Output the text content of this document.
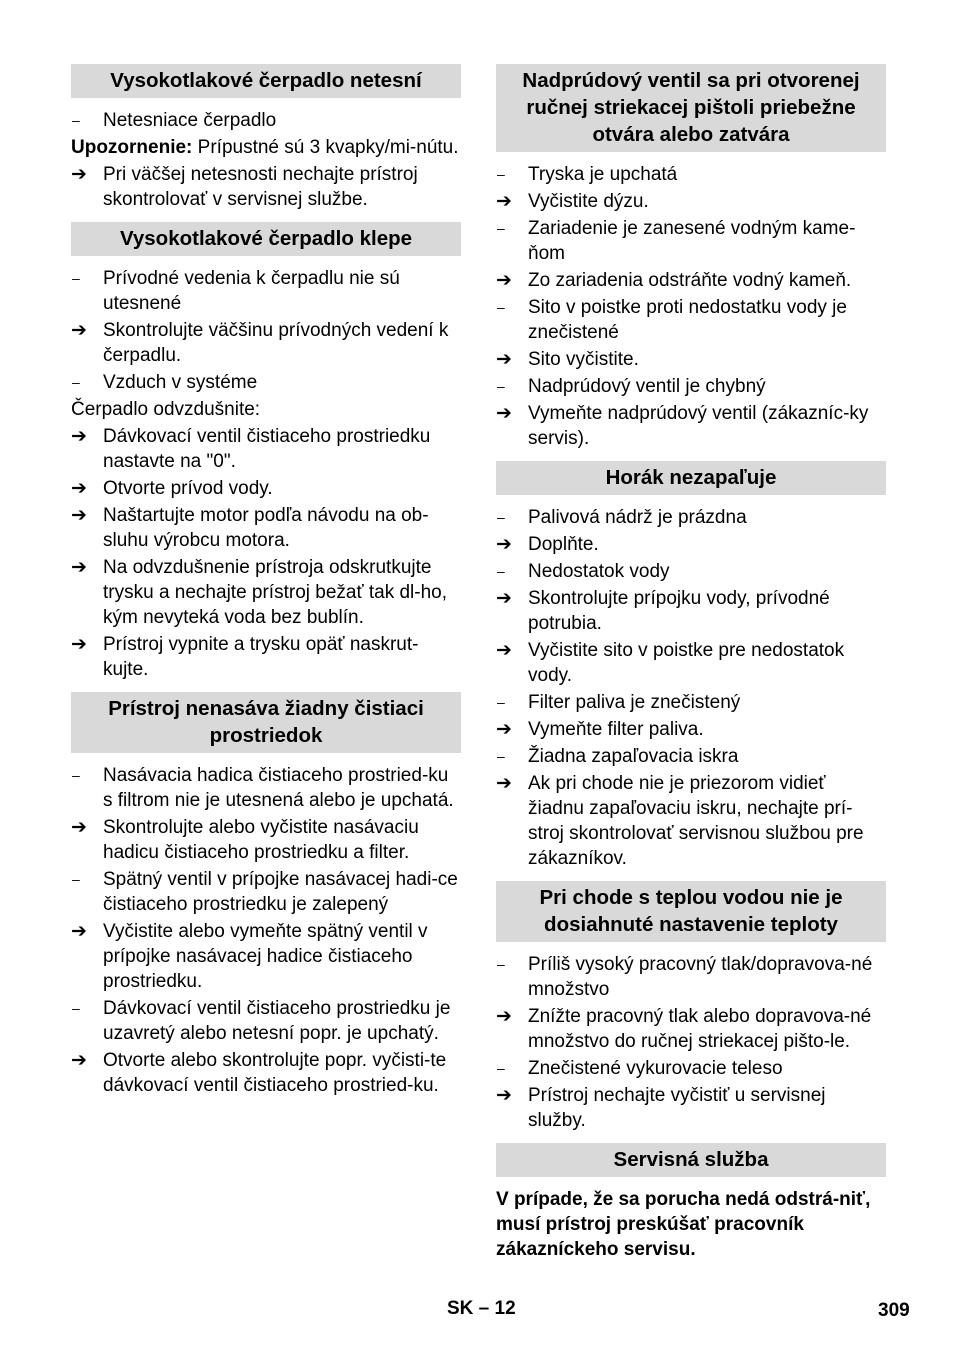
Vysokotlakové čerpadlo netesní
–	Netesniace čerpadlo
Upozornenie: Prípustné sú 3 kvapky/mi-nútu.
➔ Pri väčšej netesnosti nechajte prístroj skontrolovať v servisnej službe.
Vysokotlakové čerpadlo klepe
–	Prívodné vedenia k čerpadlu nie sú utesnené
➔ Skontrolujte väčšinu prívodných vedení k čerpadlu.
–	Vzduch v systéme
Čerpadlo odvzdušnite:
➔ Dávkovací ventil čistiaceho prostriedku nastavte na "0".
➔ Otvorte prívod vody.
➔ Naštartujte motor podľa návodu na ob-sluhu výrobcu motora.
➔ Na odvzdušnenie prístroja odskrutkujte trysku a nechajte prístroj bežať tak dl-ho, kým nevyteká voda bez bublín.
➔ Prístroj vypnite a trysku opäť naskrut-kujte.
Prístroj nenasáva žiadny čistiaci prostriedok
–	Nasávacia hadica čistiaceho prostried-ku s filtrom nie je utesnená alebo je upchatá.
➔ Skontrolujte alebo vyčistite nasávaciu hadicu čistiaceho prostriedku a filter.
–	Spätný ventil v prípojke nasávacej hadi-ce čistiaceho prostriedku je zalepený
➔ Vyčistite alebo vymeňte spätný ventil v prípojke nasávacej hadice čistiaceho prostriedku.
–	Dávkovací ventil čistiaceho prostriedku je uzavretý alebo netesní popr. je upchatý.
➔ Otvorte alebo skontrolujte popr. vyčisti-te dávkovací ventil čistiaceho prostried-ku.
Nadprúdový ventil sa pri otvorenej ručnej striekacej pištoli priebežne otvára alebo zatvára
–	Tryska je upchatá
➔ Vyčistite dýzu.
–	Zariadenie je zanesené vodným kame-ňom
➔ Zo zariadenia odstráňte vodný kameň.
–	Sito v poistke proti nedostatku vody je znečistené
➔ Sito vyčistite.
–	Nadprúdový ventil je chybný
➔ Vymeňte nadprúdový ventil (zákazníc-ky servis).
Horák nezapaľuje
–	Palivová nádrž je prázdna
➔ Doplňte.
–	Nedostatok vody
➔ Skontrolujte prípojku vody, prívodné potrubia.
➔ Vyčistite sito v poistke pre nedostatok vody.
–	Filter paliva je znečistený
➔ Vymeňte filter paliva.
–	Žiadna zapaľovacia iskra
➔ Ak pri chode nie je priezorom vidieť žiadnu zapaľovaciu iskru, nechajte prí-stroj skontrolovať servisnou službou pre zákazníkov.
Pri chode s teplou vodou nie je dosiahnuté nastavenie teploty
–	Príliš vysoký pracovný tlak/dopravova-né množstvo
➔ Znížte pracovný tlak alebo dopravova-né množstvo do ručnej striekacej pišto-le.
–	Znečistené vykurovacie teleso
➔ Prístroj nechajte vyčistiť u servisnej služby.
Servisná služba
V prípade, že sa porucha nedá odstrá-niť, musí prístroj preskúšať pracovník zákazníckeho servisu.
SK – 12	309
